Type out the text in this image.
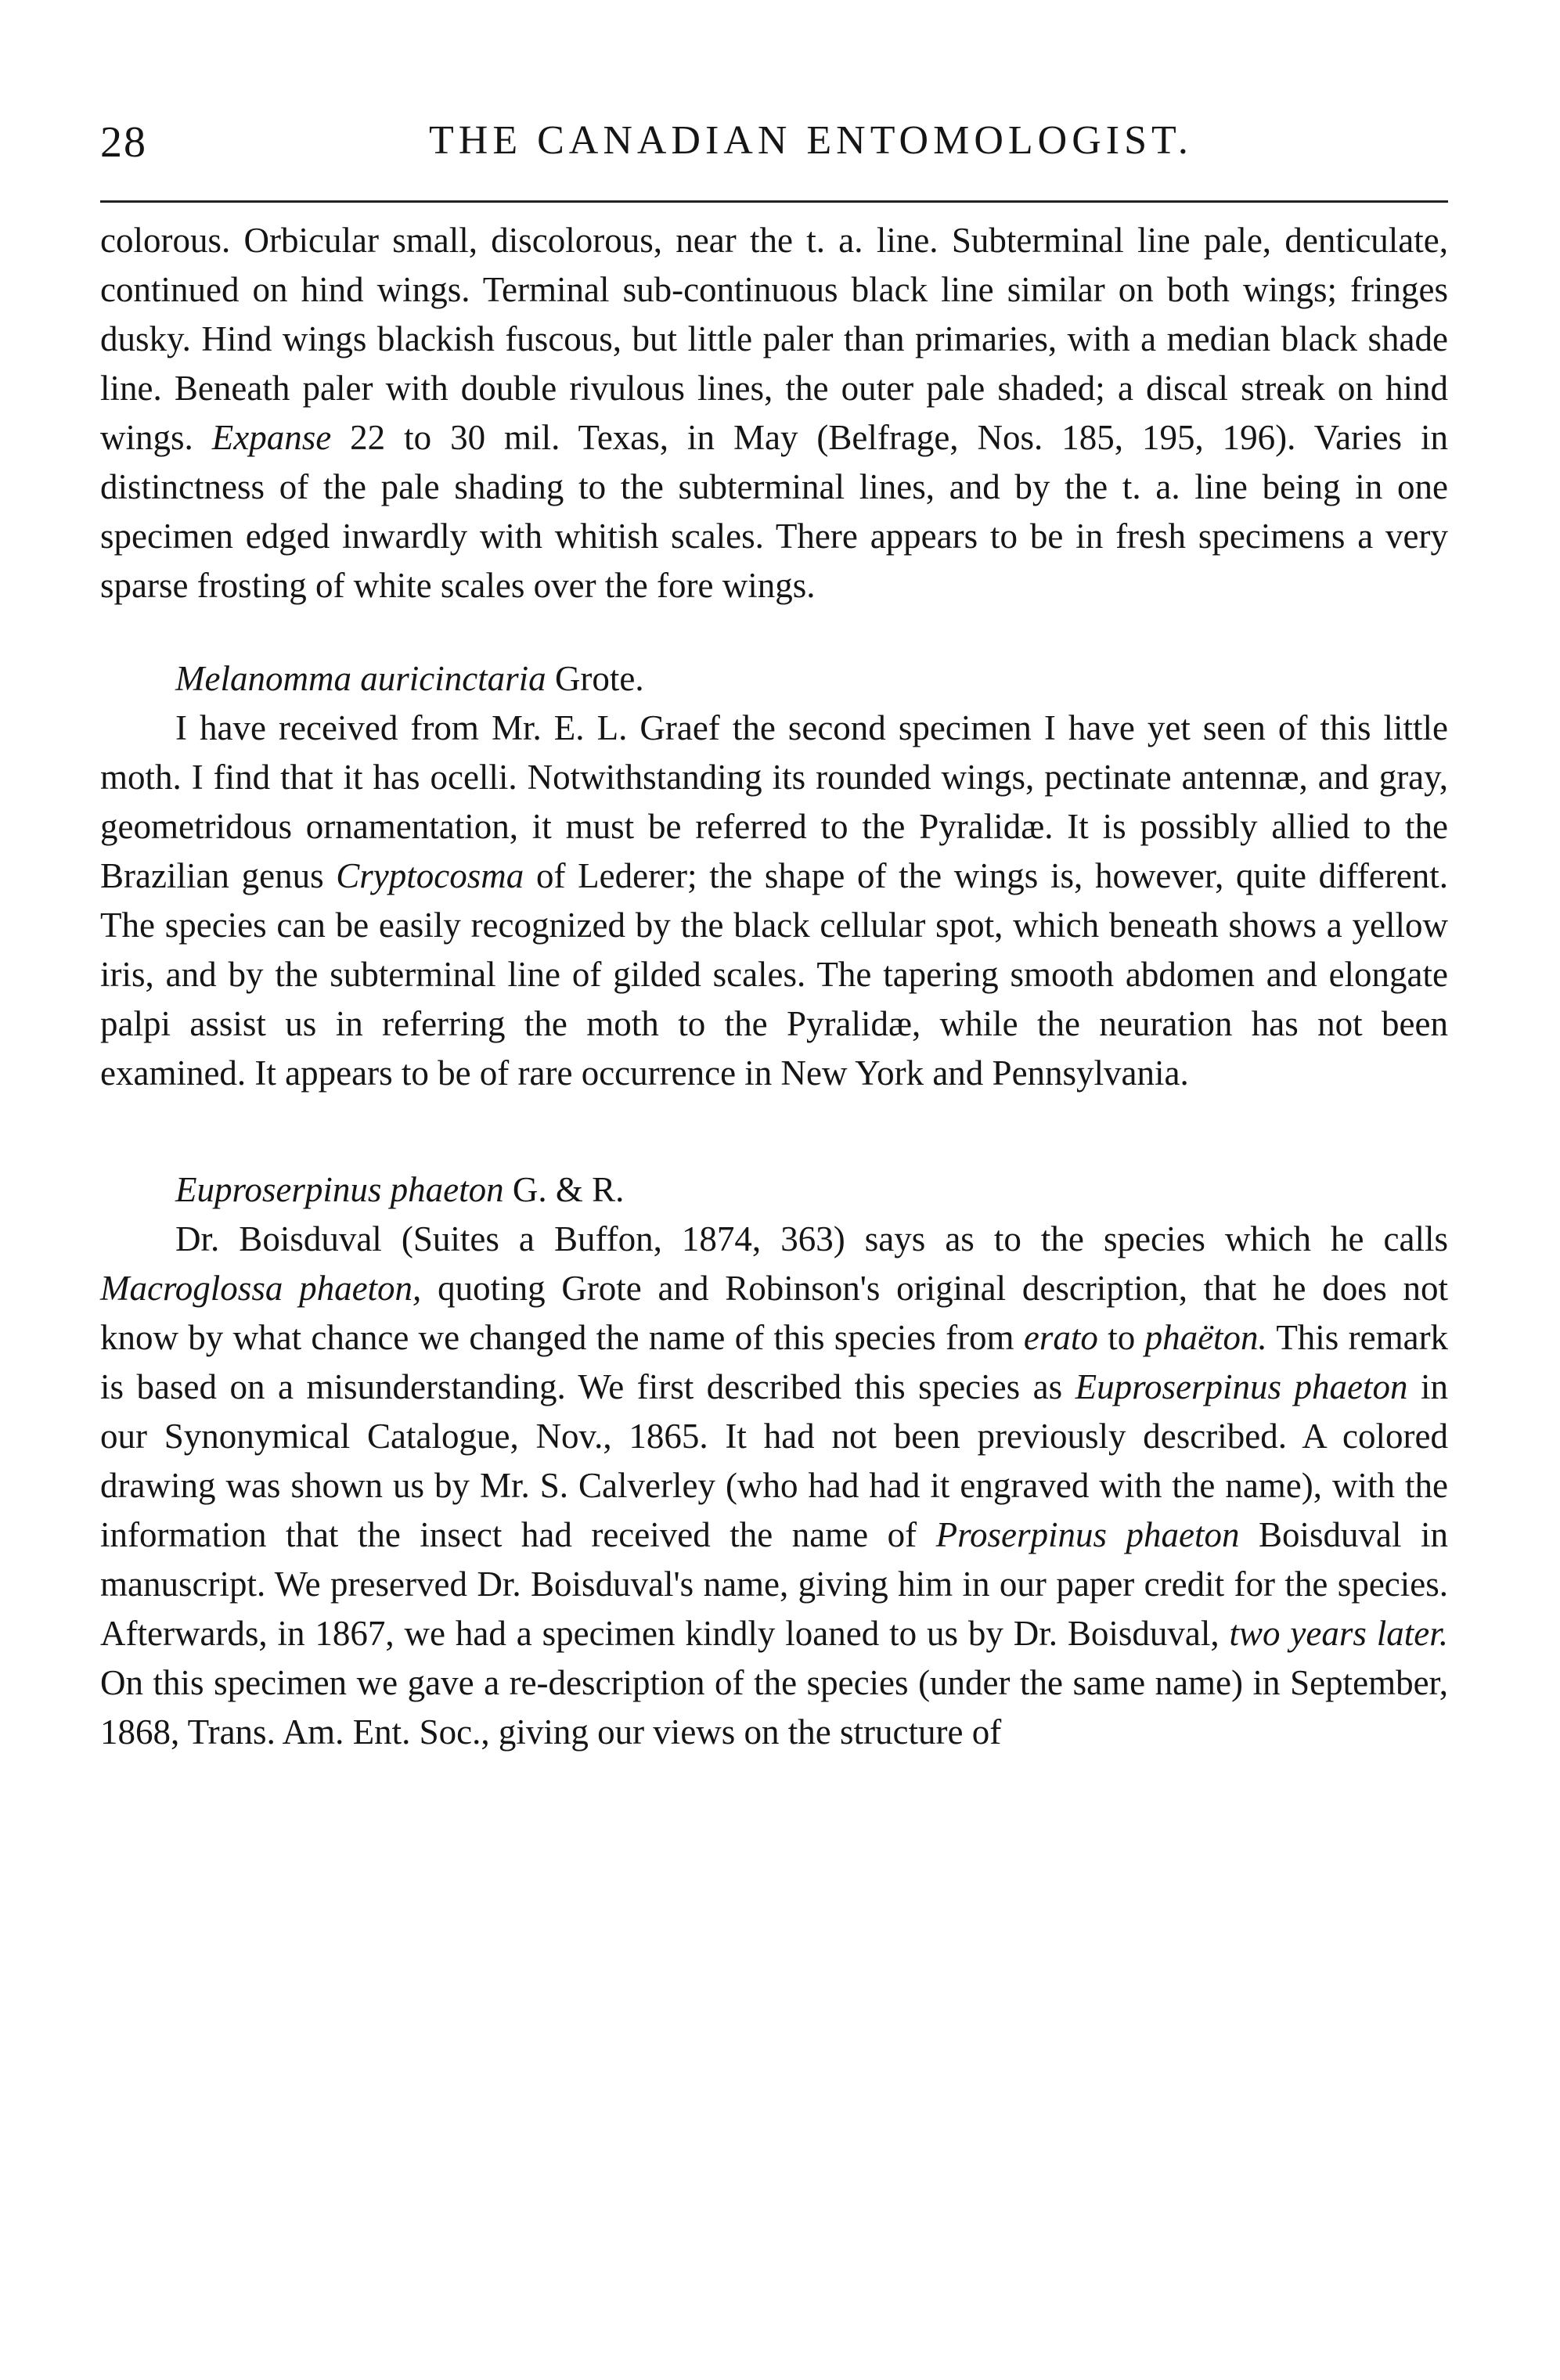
28	THE CANADIAN ENTOMOLOGIST.

colorous. Orbicular small, discolorous, near the t. a. line. Subterminal line pale, denticulate, continued on hind wings. Terminal sub-continuous black line similar on both wings; fringes dusky. Hind wings blackish fuscous, but little paler than primaries, with a median black shade line. Beneath paler with double rivulous lines, the outer pale shaded; a discal streak on hind wings. Expanse 22 to 30 mil. Texas, in May (Belfrage, Nos. 185, 195, 196). Varies in distinctness of the pale shading to the subterminal lines, and by the t. a. line being in one specimen edged inwardly with whitish scales. There appears to be in fresh specimens a very sparse frosting of white scales over the fore wings.

Melanomma auricinctaria Grote.

I have received from Mr. E. L. Graef the second specimen I have yet seen of this little moth. I find that it has ocelli. Notwithstanding its rounded wings, pectinate antennæ, and gray, geometridous ornamentation, it must be referred to the Pyralidæ. It is possibly allied to the Brazilian genus Cryptocosma of Lederer; the shape of the wings is, however, quite different. The species can be easily recognized by the black cellular spot, which beneath shows a yellow iris, and by the subterminal line of gilded scales. The tapering smooth abdomen and elongate palpi assist us in referring the moth to the Pyralidæ, while the neuration has not been examined. It appears to be of rare occurrence in New York and Pennsylvania.

Euproserpinus phaeton G. & R.

Dr. Boisduval (Suites a Buffon, 1874, 363) says as to the species which he calls Macroglossa phaeton, quoting Grote and Robinson's original description, that he does not know by what chance we changed the name of this species from erato to phaëton. This remark is based on a misunderstanding. We first described this species as Euproserpinus phaeton in our Synonymical Catalogue, Nov., 1865. It had not been previously described. A colored drawing was shown us by Mr. S. Calverley (who had had it engraved with the name), with the information that the insect had received the name of Proserpinus phaeton Boisduval in manuscript. We preserved Dr. Boisduval's name, giving him in our paper credit for the species. Afterwards, in 1867, we had a specimen kindly loaned to us by Dr. Boisduval, two years later. On this specimen we gave a re-description of the species (under the same name) in September, 1868, Trans. Am. Ent. Soc., giving our views on the structure of
